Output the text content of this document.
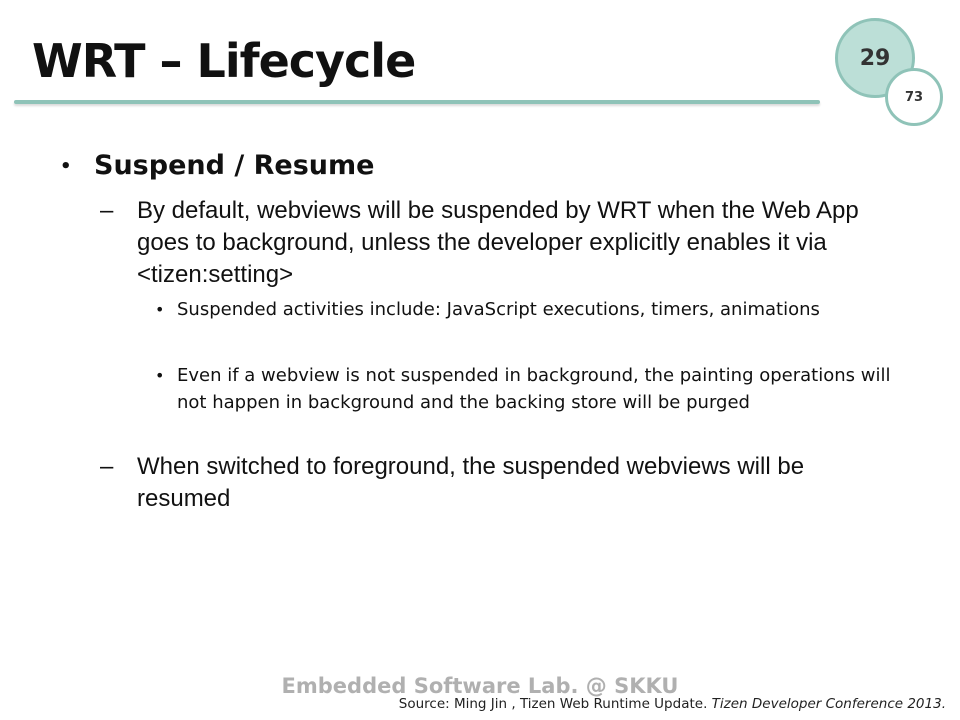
WRT – Lifecycle	29
73
• Suspend / Resume
– By default, webviews will be suspended by WRT when the Web App goes to background, unless the developer explicitly enables it via <tizen:setting>
• Suspended activities include: JavaScript executions, timers, animations
• Even if a webview is not suspended in background, the painting operations will not happen in background and the backing store will be purged
– When switched to foreground, the suspended webviews will be resumed
Embedded Software Lab. @ SKKU
Source: Ming Jin , Tizen Web Runtime Update. Tizen Developer Conference 2013.
